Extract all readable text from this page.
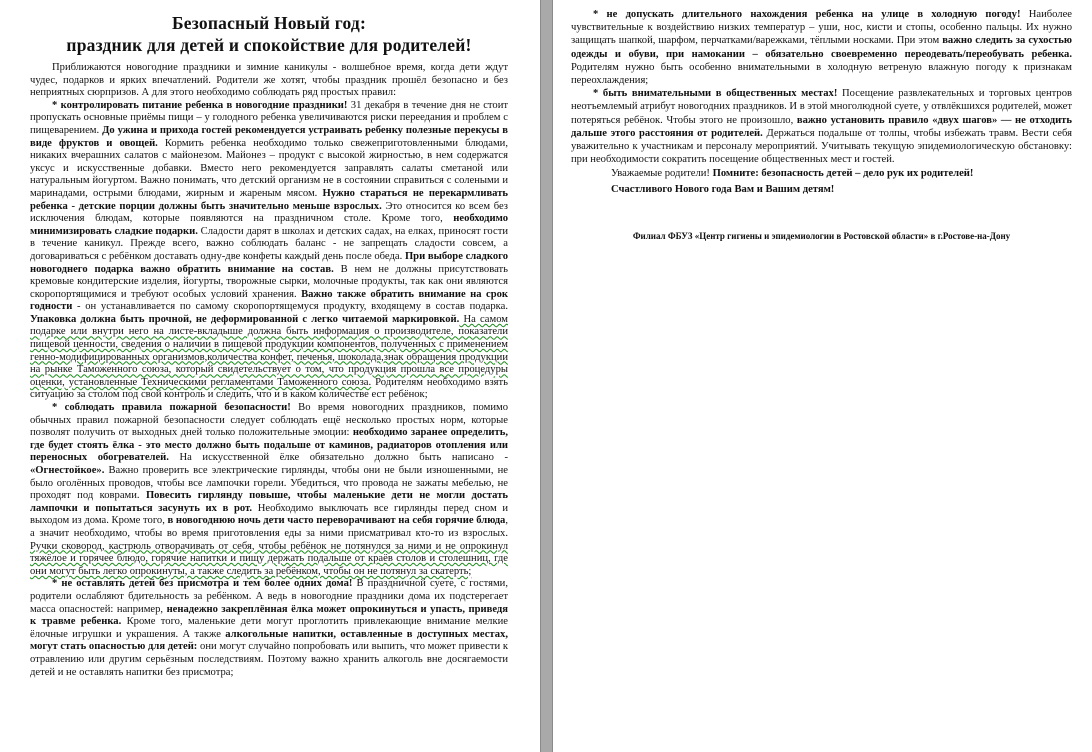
Безопасный Новый год:
праздник для детей и спокойствие для родителей!

Приближаются новогодние праздники и зимние каникулы - волшебное время, когда дети ждут чудес, подарков и ярких впечатлений. Родители же хотят, чтобы праздник прошёл безопасно и без неприятных сюрпризов. А для этого необходимо соблюдать ряд простых правил:

* контролировать питание ребенка в новогодние праздники! 31 декабря в течение дня не стоит пропускать основные приёмы пищи – у голодного ребенка увеличиваются риски переедания и проблем с пищеварением. До ужина и прихода гостей рекомендуется устраивать ребенку полезные перекусы в виде фруктов и овощей. Кормить ребенка необходимо только свежеприготовленными блюдами, никаких вчерашних салатов с майонезом. Майонез – продукт с высокой жирностью, в нем содержатся уксус и искусственные добавки. Вместо него рекомендуется заправлять салаты сметаной или натуральным йогуртом. Важно понимать, что детский организм не в состоянии справиться с солеными и маринадами, острыми блюдами, жирным и жареным мясом. Нужно стараться не перекармливать ребенка - детские порции должны быть значительно меньше взрослых. Это относится ко всем без исключения блюдам, которые появляются на праздничном столе. Кроме того, необходимо минимизировать сладкие подарки. Сладости дарят в школах и детских садах, на елках, приносят гости в течение каникул. Прежде всего, важно соблюдать баланс - не запрещать сладости совсем, а договариваться с ребёнком доставать одну-две конфеты каждый день после обеда. При выборе сладкого новогоднего подарка важно обратить внимание на состав. В нем не должны присутствовать кремовые кондитерские изделия, йогурты, творожные сырки, молочные продукты, так как они являются скоропортящимися и требуют особых условий хранения. Важно также обратить внимание на срок годности - он устанавливается по самому скоропортящемуся продукту, входящему в состав подарка. Упаковка должна быть прочной, не деформированной с легко читаемой маркировкой. На самом подарке или внутри него на листе-вкладыше должна быть информация о производителе, показатели пищевой ценности, сведения о наличии в пищевой продукции компонентов, полученных с применением генно-модифицированных организмов,количества конфет, печенья, шоколада,знак обращения продукции на рынке Таможенного союза, который свидетельствует о том, что продукция прошла все процедуры оценки, установленные Техническими регламентами Таможенного союза. Родителям необходимо взять ситуацию за столом под свой контроль и следить, что и в каком количестве ест ребёнок;

* соблюдать правила пожарной безопасности! Во время новогодних праздников, помимо обычных правил пожарной безопасности следует соблюдать ещё несколько простых норм, которые позволят получить от выходных дней только положительные эмоции: необходимо заранее определить, где будет стоять ёлка - это место должно быть подальше от каминов, радиаторов отопления или переносных обогревателей. На искусственной ёлке обязательно должно быть написано - «Огнестойкое». Важно проверить все электрические гирлянды, чтобы они не были изношенными, не было оголённых проводов, чтобы все лампочки горели. Убедиться, что провода не зажаты мебелью, не проходят под коврами. Повесить гирлянду повыше, чтобы маленькие дети не могли достать лампочки и попытаться засунуть их в рот. Необходимо выключать все гирлянды перед сном и выходом из дома. Кроме того, в новогоднюю ночь дети часто переворачивают на себя горячие блюда, а значит необходимо, чтобы во время приготовления еды за ними присматривал кто-то из взрослых. Ручки сковород, кастрюль отворачивать от себя, чтобы ребёнок не потянулся за ними и не опрокинул тяжёлое и горячее блюдо, горячие напитки и пищу держать подальше от краёв столов и столешниц, где они могут быть легко опрокинуты, а также следить за ребёнком, чтобы он не потянул за скатерть;

* не оставлять детей без присмотра и тем более одних дома! В праздничной суете, с гостями, родители ослабляют бдительность за ребёнком. А ведь в новогодние праздники дома их подстерегает масса опасностей: например, ненадежно закреплённая ёлка может опрокинуться и упасть, приведя к травме ребенка. Кроме того, маленькие дети могут проглотить привлекающие внимание мелкие ёлочные игрушки и украшения. А также алкогольные напитки, оставленные в доступных местах, могут стать опасностью для детей: они могут случайно попробовать или выпить, что может привести к отравлению или другим серьёзным последствиям. Поэтому важно хранить алкоголь вне досягаемости детей и не оставлять напитки без присмотра;

* не допускать длительного нахождения ребенка на улице в холодную погоду! Наиболее чувствительные к воздействию низких температур – уши, нос, кисти и стопы, особенно пальцы. Их нужно защищать шапкой, шарфом, перчатками/варежками, тёплыми носками. При этом важно следить за сухостью одежды и обуви, при намокании – обязательно своевременно переодевать/переобувать ребенка. Родителям нужно быть особенно внимательными в холодную ветреную влажную погоду к признакам переохлаждения;

* быть внимательными в общественных местах! Посещение развлекательных и торговых центров неотъемлемый атрибут новогодних праздников. И в этой многолюдной суете, у отвлёкшихся родителей, может потеряться ребёнок. Чтобы этого не произошло, важно установить правило «двух шагов» — не отходить дальше этого расстояния от родителей. Держаться подальше от толпы, чтобы избежать травм. Вести себя уважительно к участникам и персоналу мероприятий. Учитывать текущую эпидемиологическую обстановку: при необходимости сократить посещение общественных мест и гостей.

Уважаемые родители! Помните: безопасность детей – дело рук их родителей!

Счастливого Нового года Вам и Вашим детям!

Филиал ФБУЗ «Центр гигиены и эпидемиологии в Ростовской области» в г.Ростове-на-Дону
